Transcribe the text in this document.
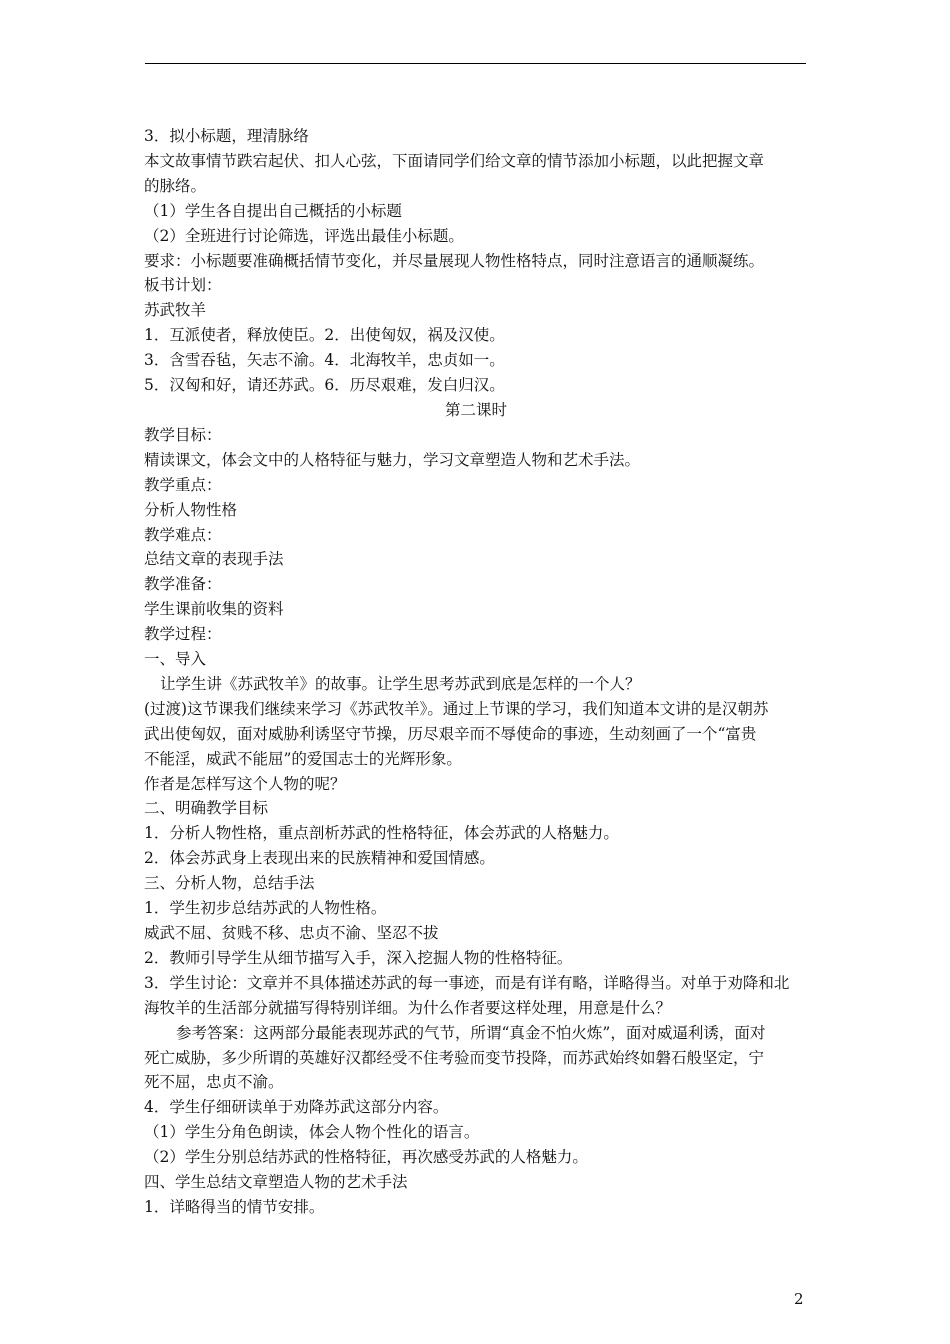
3．拟小标题，理清脉络
本文故事情节跌宕起伏、扣人心弦，下面请同学们给文章的情节添加小标题，以此把握文章
的脉络。
（1）学生各自提出自己概括的小标题
（2）全班进行讨论筛选，评选出最佳小标题。
要求：小标题要准确概括情节变化，并尽量展现人物性格特点，同时注意语言的通顺凝练。
板书计划：
苏武牧羊
1．互派使者，释放使臣。2．出使匈奴，祸及汉使。
3．含雪吞毡，矢志不渝。4．北海牧羊，忠贞如一。
5．汉匈和好，请还苏武。6．历尽艰难，发白归汉。
第二课时
教学目标：
精读课文，体会文中的人格特征与魅力，学习文章塑造人物和艺术手法。
教学重点：
分析人物性格
教学难点：
总结文章的表现手法
教学准备：
学生课前收集的资料
教学过程：
一、导入
让学生讲《苏武牧羊》的故事。让学生思考苏武到底是怎样的一个人？
(过渡)这节课我们继续来学习《苏武牧羊》。通过上节课的学习，我们知道本文讲的是汉朝苏
武出使匈奴，面对威胁利诱坚守节操，历尽艰辛而不辱使命的事迹，生动刻画了一个“富贵
不能淫，威武不能屈”的爱国志士的光辉形象。
作者是怎样写这个人物的呢？
二、明确教学目标
1．分析人物性格，重点剖析苏武的性格特征，体会苏武的人格魅力。
2．体会苏武身上表现出来的民族精神和爱国情感。
三、分析人物，总结手法
1．学生初步总结苏武的人物性格。
威武不屈、贫贱不移、忠贞不渝、坚忍不拔
2．教师引导学生从细节描写入手，深入挖掘人物的性格特征。
3．学生讨论：文章并不具体描述苏武的每一事迹，而是有详有略，详略得当。对单于劝降和北
海牧羊的生活部分就描写得特别详细。为什么作者要这样处理，用意是什么？
参考答案：这两部分最能表现苏武的气节，所谓“真金不怕火炼”，面对威逼利诱，面对
死亡威胁，多少所谓的英雄好汉都经受不住考验而变节投降，而苏武始终如磐石般坚定，宁
死不屈，忠贞不渝。
4．学生仔细研读单于劝降苏武这部分内容。
（1）学生分角色朗读，体会人物个性化的语言。
（2）学生分别总结苏武的性格特征，再次感受苏武的人格魅力。
四、学生总结文章塑造人物的艺术手法
1．详略得当的情节安排。
2
